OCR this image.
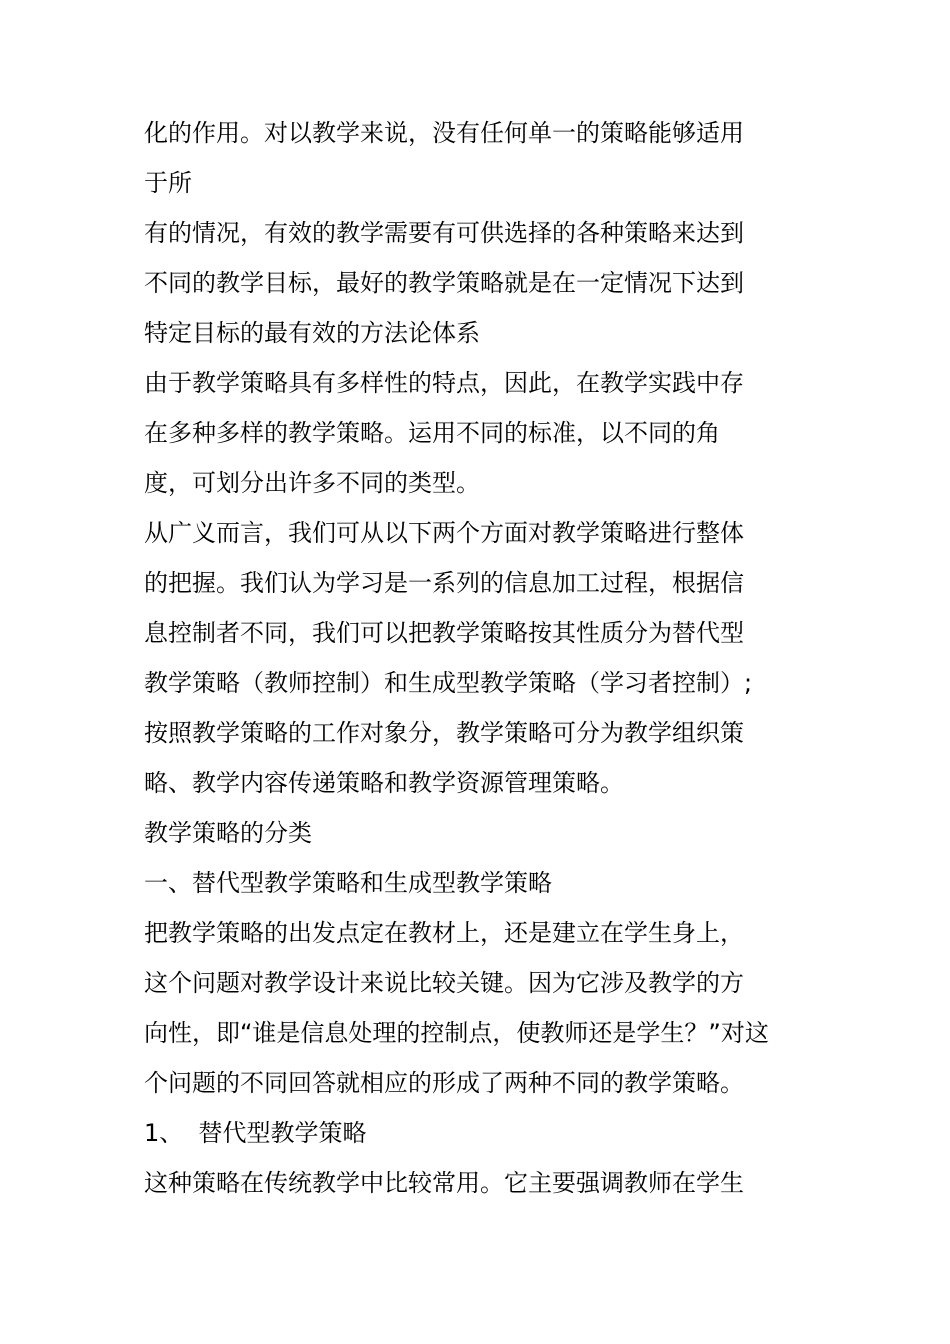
化的作用。对以教学来说，没有任何单一的策略能够适用
于所
有的情况，有效的教学需要有可供选择的各种策略来达到
不同的教学目标，最好的教学策略就是在一定情况下达到
特定目标的最有效的方法论体系
由于教学策略具有多样性的特点，因此，在教学实践中存
在多种多样的教学策略。运用不同的标准，以不同的角
度，可划分出许多不同的类型。
从广义而言，我们可从以下两个方面对教学策略进行整体
的把握。我们认为学习是一系列的信息加工过程，根据信
息控制者不同，我们可以把教学策略按其性质分为替代型
教学策略（教师控制）和生成型教学策略（学习者控制）;
按照教学策略的工作对象分，教学策略可分为教学组织策
略、教学内容传递策略和教学资源管理策略。
教学策略的分类
一、替代型教学策略和生成型教学策略
把教学策略的出发点定在教材上，还是建立在学生身上，
这个问题对教学设计来说比较关键。因为它涉及教学的方
向性，即“谁是信息处理的控制点，使教师还是学生？”对这
个问题的不同回答就相应的形成了两种不同的教学策略。
1、  替代型教学策略
这种策略在传统教学中比较常用。它主要强调教师在学生
